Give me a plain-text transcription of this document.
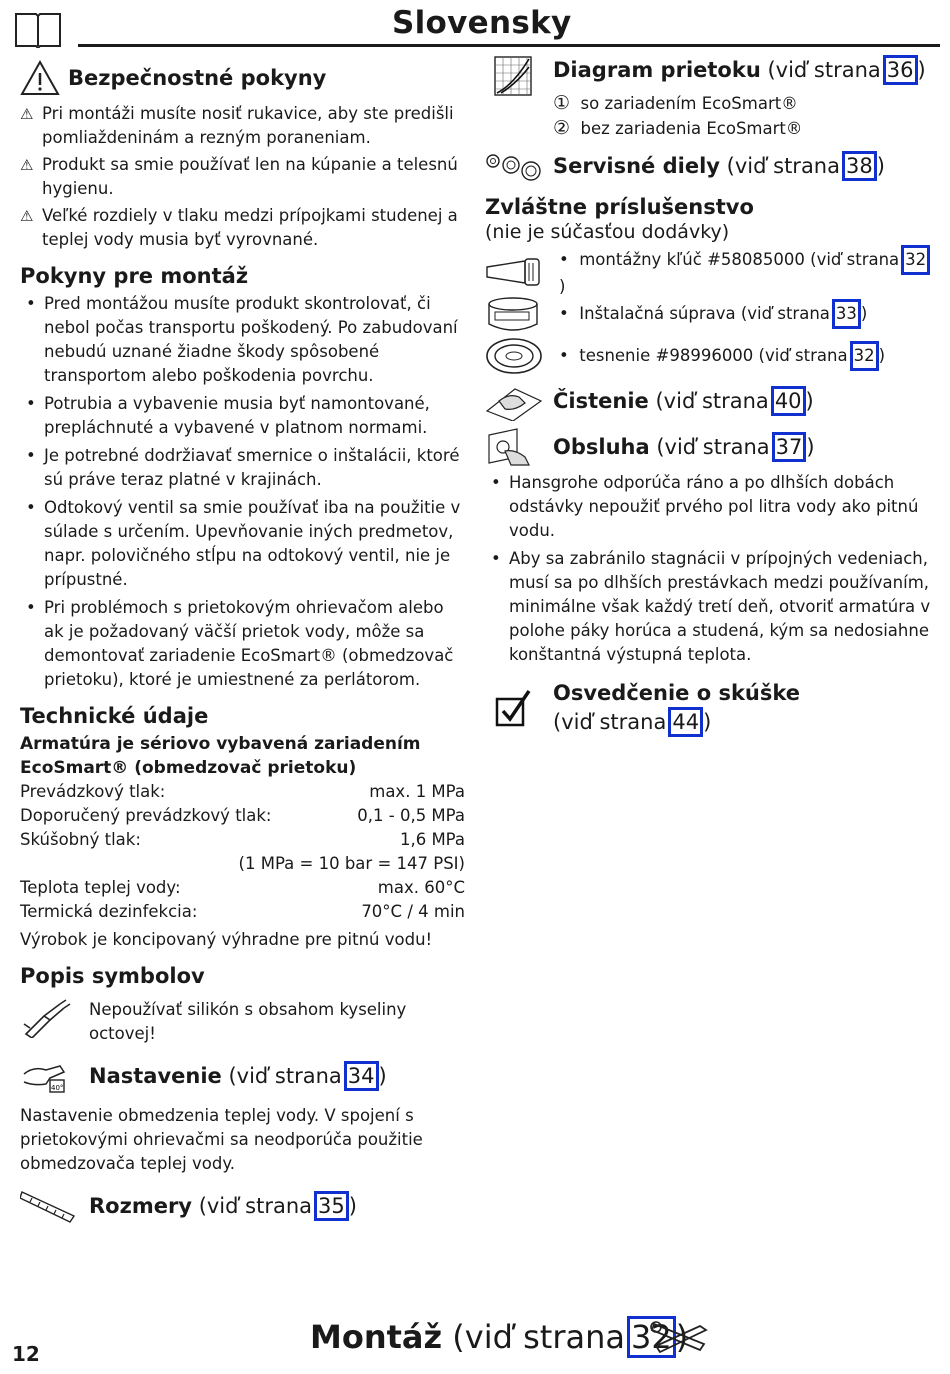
Slovensky
Bezpečnostné pokyny
⚠ Pri montáži musíte nosiť rukavice, aby ste predišli pomliaždeninám a rezným poraneniam.
⚠ Produkt sa smie používať len na kúpanie a telesnú hygienu.
⚠ Veľké rozdiely v tlaku medzi prípojkami studenej a teplej vody musia byť vyrovnané.
Pokyny pre montáž
• Pred montážou musíte produkt skontrolovať, či nebol počas transportu poškodený. Po zabudovaní nebudú uznané žiadne škody spôsobené transportom alebo poškodenia povrchu.
• Potrubia a vybavenie musia byť namontované, prepláchnuté a vybavené v platnom normami.
• Je potrebné dodržiavať smernice o inštalácii, ktoré sú práve teraz platné v krajinách.
• Odtokový ventil sa smie používať iba na použitie v súlade s určením. Upevňovanie iných predmetov, napr. polovičného stĺpu na odtokový ventil, nie je prípustné.
• Pri problémoch s prietokovým ohrievačom alebo ak je požadovaný väčší prietok vody, môže sa demontovať zariadenie EcoSmart® (obmedzovač prietoku), ktoré je umiestnené za perlátorom.
Technické údaje
Armatúra je sériovo vybavená zariadením EcoSmart® (obmedzovač prietoku)
Prevádzkový tlak:	max. 1 MPa
Doporučený prevádzkový tlak:	0,1 - 0,5 MPa
Skúšobný tlak:	1,6 MPa
(1 MPa = 10 bar = 147 PSI)
Teplota teplej vody:	max. 60°C
Termická dezinfekcia:	70°C / 4 min
Výrobok je koncipovaný výhradne pre pitnú vodu!
Popis symbolov
Nepoužívať silikón s obsahom kyseliny octovej!
40° Nastavenie (viď strana 34 )
Nastavenie obmedzenia teplej vody. V spojení s prietokovými ohrievačmi sa neodporúča použitie obmedzovača teplej vody.
Rozmery (viď strana 35 )
Diagram prietoku (viď strana 36 )
① so zariadením EcoSmart®
② bez zariadenia EcoSmart®
Servisné diely (viď strana 38 )
Zvláštne príslušenstvo
(nie je súčasťou dodávky)
•  montážny kľúč #58085000 (viď strana 32)
•  Inštalačná súprava (viď strana 33 )
•  tesnenie #98996000 (viď strana 32 )
Čistenie (viď strana 40 )
Obsluha (viď strana 37 )
• Hansgrohe odporúča ráno a po dlhších dobách odstávky nepoužiť prvého pol litra vody ako pitnú vodu.
• Aby sa zabránilo stagnácii v prípojných vedeniach, musí sa po dlhších prestávkach medzi používaním, minimálne však každý tretí deň, otvoriť armatúra v polohe páky horúca a studená, kým sa nedosiahne konštantná výstupná teplota.
Osvedčenie o skúške
(viď strana 44 )
12	Montáž (viď strana 32 )
